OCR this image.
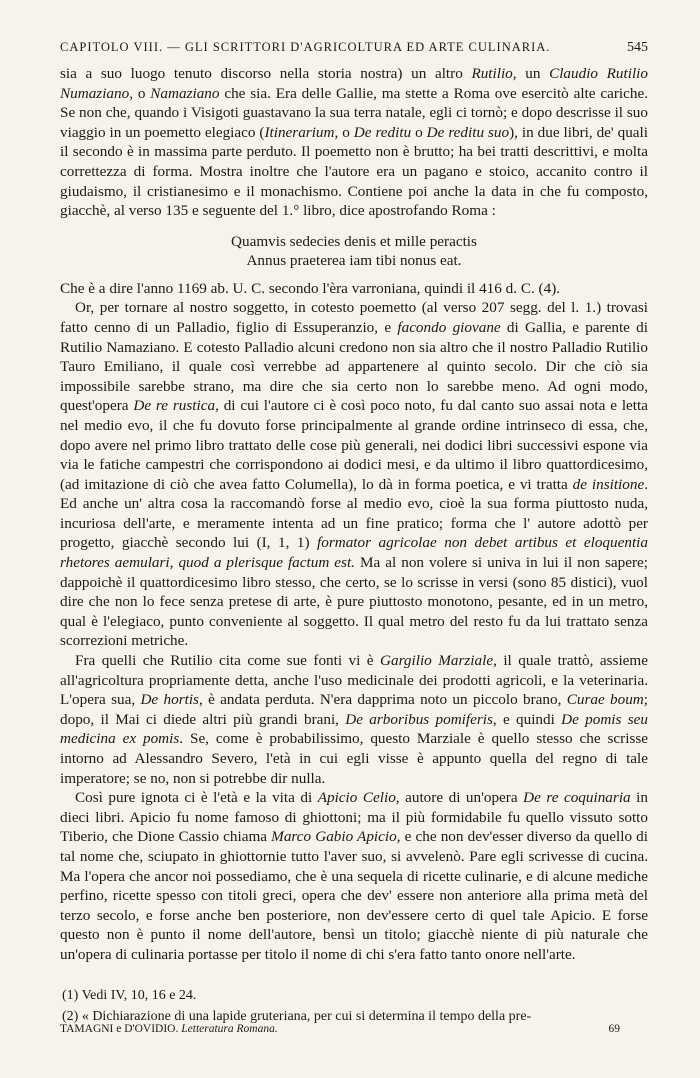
CAPITOLO VIII. — GLI SCRITTORI D'AGRICOLTURA ED ARTE CULINARIA.	545

sia a suo luogo tenuto discorso nella storia nostra) un altro Rutilio, un Claudio Rutilio Numaziano, o Namaziano che sia. Era delle Gallie, ma stette a Roma ove esercitò alte cariche. Se non che, quando i Visigoti guastavano la sua terra natale, egli ci tornò; e dopo descrisse il suo viaggio in un poemetto elegiaco (Itinerarium, o De reditu o De reditu suo), in due libri, de' quali il secondo è in massima parte perduto. Il poemetto non è brutto; ha bei tratti descrittivi, e molta correttezza di forma. Mostra inoltre che l'autore era un pagano e stoico, accanito contro il giudaismo, il cristianesimo e il monachismo. Contiene poi anche la data in che fu composto, giacchè, al verso 135 e seguente del 1.° libro, dice apostrofando Roma :

Quamvis sedecies denis et mille peractis
Annus praeterea iam tibi nonus eat.

Che è a dire l'anno 1169 ab. U. C. secondo l'èra varroniana, quindi il 416 d. C. (4).

Or, per tornare al nostro soggetto, in cotesto poemetto (al verso 207 segg. del l. 1.) trovasi fatto cenno di un Palladio, figlio di Essuperanzio, e facondo giovane di Gallia, e parente di Rutilio Namaziano. E cotesto Palladio alcuni credono non sia altro che il nostro Palladio Rutilio Tauro Emiliano, il quale così verrebbe ad appartenere al quinto secolo. Dir che ciò sia impossibile sarebbe strano, ma dire che sia certo non lo sarebbe meno. Ad ogni modo, quest'opera De re rustica, di cui l'autore ci è così poco noto, fu dal canto suo assai nota e letta nel medio evo, il che fu dovuto forse principalmente al grande ordine intrinseco di essa, che, dopo avere nel primo libro trattato delle cose più generali, nei dodici libri successivi espone via via le fatiche campestri che corrispondono ai dodici mesi, e da ultimo il libro quattordicesimo, (ad imitazione di ciò che avea fatto Columella), lo dà in forma poetica, e vi tratta de insitione. Ed anche un' altra cosa la raccomandò forse al medio evo, cioè la sua forma piuttosto nuda, incuriosa dell'arte, e meramente intenta ad un fine pratico; forma che l' autore adottò per progetto, giacchè secondo lui (I, 1, 1) formator agricolae non debet artibus et eloquentia rhetores aemulari, quod a plerisque factum est. Ma al non volere si univa in lui il non sapere; dappoichè il quattordicesimo libro stesso, che certo, se lo scrisse in versi (sono 85 distici), vuol dire che non lo fece senza pretese di arte, è pure piuttosto monotono, pesante, ed in un metro, qual è l'elegiaco, punto conveniente al soggetto. Il qual metro del resto fu da lui trattato senza scorrezioni metriche.

Fra quelli che Rutilio cita come sue fonti vi è Gargilio Marziale, il quale trattò, assieme all'agricoltura propriamente detta, anche l'uso medicinale dei prodotti agricoli, e la veterinaria. L'opera sua, De hortis, è andata perduta. N'era dapprima noto un piccolo brano, Curae boum; dopo, il Mai ci diede altri più grandi brani, De arboribus pomiferis, e quindi De pomis seu medicina ex pomis. Se, come è probabilissimo, questo Marziale è quello stesso che scrisse intorno ad Alessandro Severo, l'età in cui egli visse è appunto quella del regno di tale imperatore; se no, non si potrebbe dir nulla.

Così pure ignota ci è l'età e la vita di Apicio Celio, autore di un'opera De re coquinaria in dieci libri. Apicio fu nome famoso di ghiottoni; ma il più formidabile fu quello vissuto sotto Tiberio, che Dione Cassio chiama Marco Gabio Apicio, e che non dev'esser diverso da quello di tal nome che, sciupato in ghiottornie tutto l'aver suo, si avvelenò. Pare egli scrivesse di cucina. Ma l'opera che ancor noi possediamo, che è una sequela di ricette culinarie, e di alcune mediche perfino, ricette spesso con titoli greci, opera che dev' essere non anteriore alla prima metà del terzo secolo, e forse anche ben posteriore, non dev'essere certo di quel tale Apicio. E forse questo non è punto il nome dell'autore, bensì un titolo; giacchè niente di più naturale che un'opera di culinaria portasse per titolo il nome di chi s'era fatto tanto onore nell'arte.

(1) Vedi IV, 10, 16 e 24.

(2) « Dichiarazione di una lapide gruteriana, per cui si determina il tempo della pre-

TAMAGNI e D'OVIDIO. Letteratura Romana.	69
